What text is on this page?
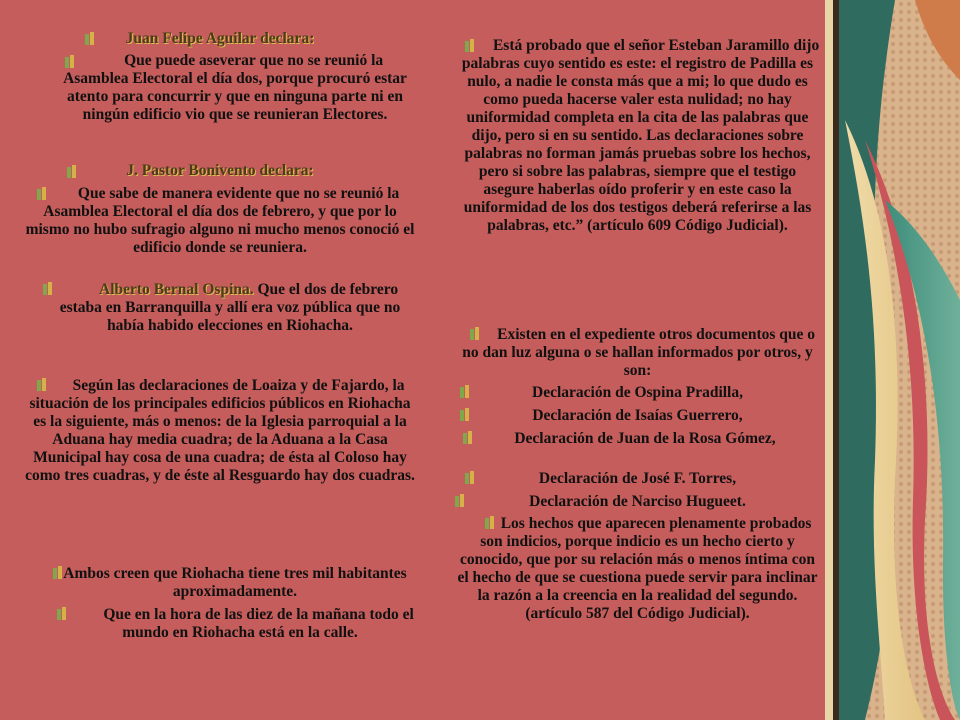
Juan Felipe Aguilar declara:
Que puede aseverar que no se reunió la Asamblea Electoral el día dos, porque procuró estar atento para concurrir y que en ninguna parte ni en ningún edificio vio que se reunieran Electores.
J. Pastor Bonivento declara:
Que sabe de manera evidente que no se reunió la Asamblea Electoral el día dos de febrero, y que por lo mismo no hubo sufragio alguno ni mucho menos conoció el edificio donde se reuniera.
Alberto Bernal Ospina. Que el dos de febrero estaba en Barranquilla y allí era voz pública que no había habido elecciones en Riohacha.
Según las declaraciones de Loaiza y de Fajardo, la situación de los principales edificios públicos en Riohacha es la siguiente, más o menos: de la Iglesia parroquial a la Aduana hay media cuadra; de la Aduana a la Casa Municipal hay cosa de una cuadra; de ésta al Coloso hay como tres cuadras, y de éste al Resguardo hay dos cuadras.
Ambos creen que Riohacha tiene tres mil habitantes aproximadamente.
Que en la hora de las diez de la mañana todo el mundo en Riohacha está en la calle.
Está probado que el señor Esteban Jaramillo dijo palabras cuyo sentido es este: el registro de Padilla es nulo, a nadie le consta más que a mi; lo que dudo es como pueda hacerse valer esta nulidad; no hay uniformidad completa en la cita de las palabras que dijo, pero si en su sentido. Las declaraciones sobre palabras no forman jamás pruebas sobre los hechos, pero si sobre las palabras, siempre que el testigo asegure haberlas oído proferir y en este caso la uniformidad de los dos testigos deberá referirse a las palabras, etc.” (artículo 609 Código Judicial).
Existen en el expediente otros documentos que o no dan luz alguna o se hallan informados por otros, y son:
Declaración de Ospina Pradilla,
Declaración de Isaías Guerrero,
Declaración de Juan de la Rosa Gómez,
Declaración de José F. Torres,
Declaración de Narciso Hugueet.
Los hechos que aparecen plenamente probados son indicios, porque indicio es un hecho cierto y conocido, que por su relación más o menos íntima con el hecho de que se cuestiona puede servir para inclinar la razón a la creencia en la realidad del segundo. (artículo 587 del Código Judicial).
